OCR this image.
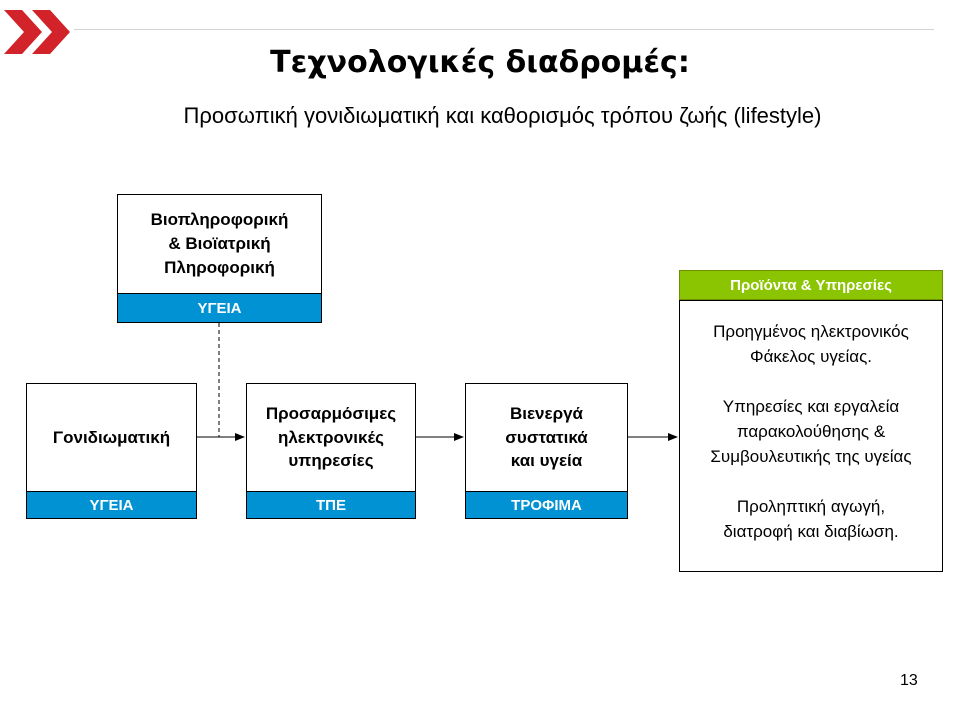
Τεχνολογικές διαδρομές:
Προσωπική γονιδιωματική και καθορισμός τρόπου ζωής (lifestyle)
Βιοπληροφορική
& Βιοϊατρική
Πληροφορική
ΥΓΕΙΑ
Γονιδιωματική
ΥΓΕΙΑ
Προσαρμόσιμες
ηλεκτρονικές
υπηρεσίες
ΤΠΕ
Βιενεργά
συστατικά
και υγεία
ΤΡΟΦΙΜΑ
Προϊόντα & Υπηρεσίες
Προηγμένος ηλεκτρονικός
Φάκελος υγείας.
Υπηρεσίες και εργαλεία
παρακολούθησης &
Συμβουλευτικής της υγείας
Προληπτική αγωγή,
διατροφή και διαβίωση.
13
